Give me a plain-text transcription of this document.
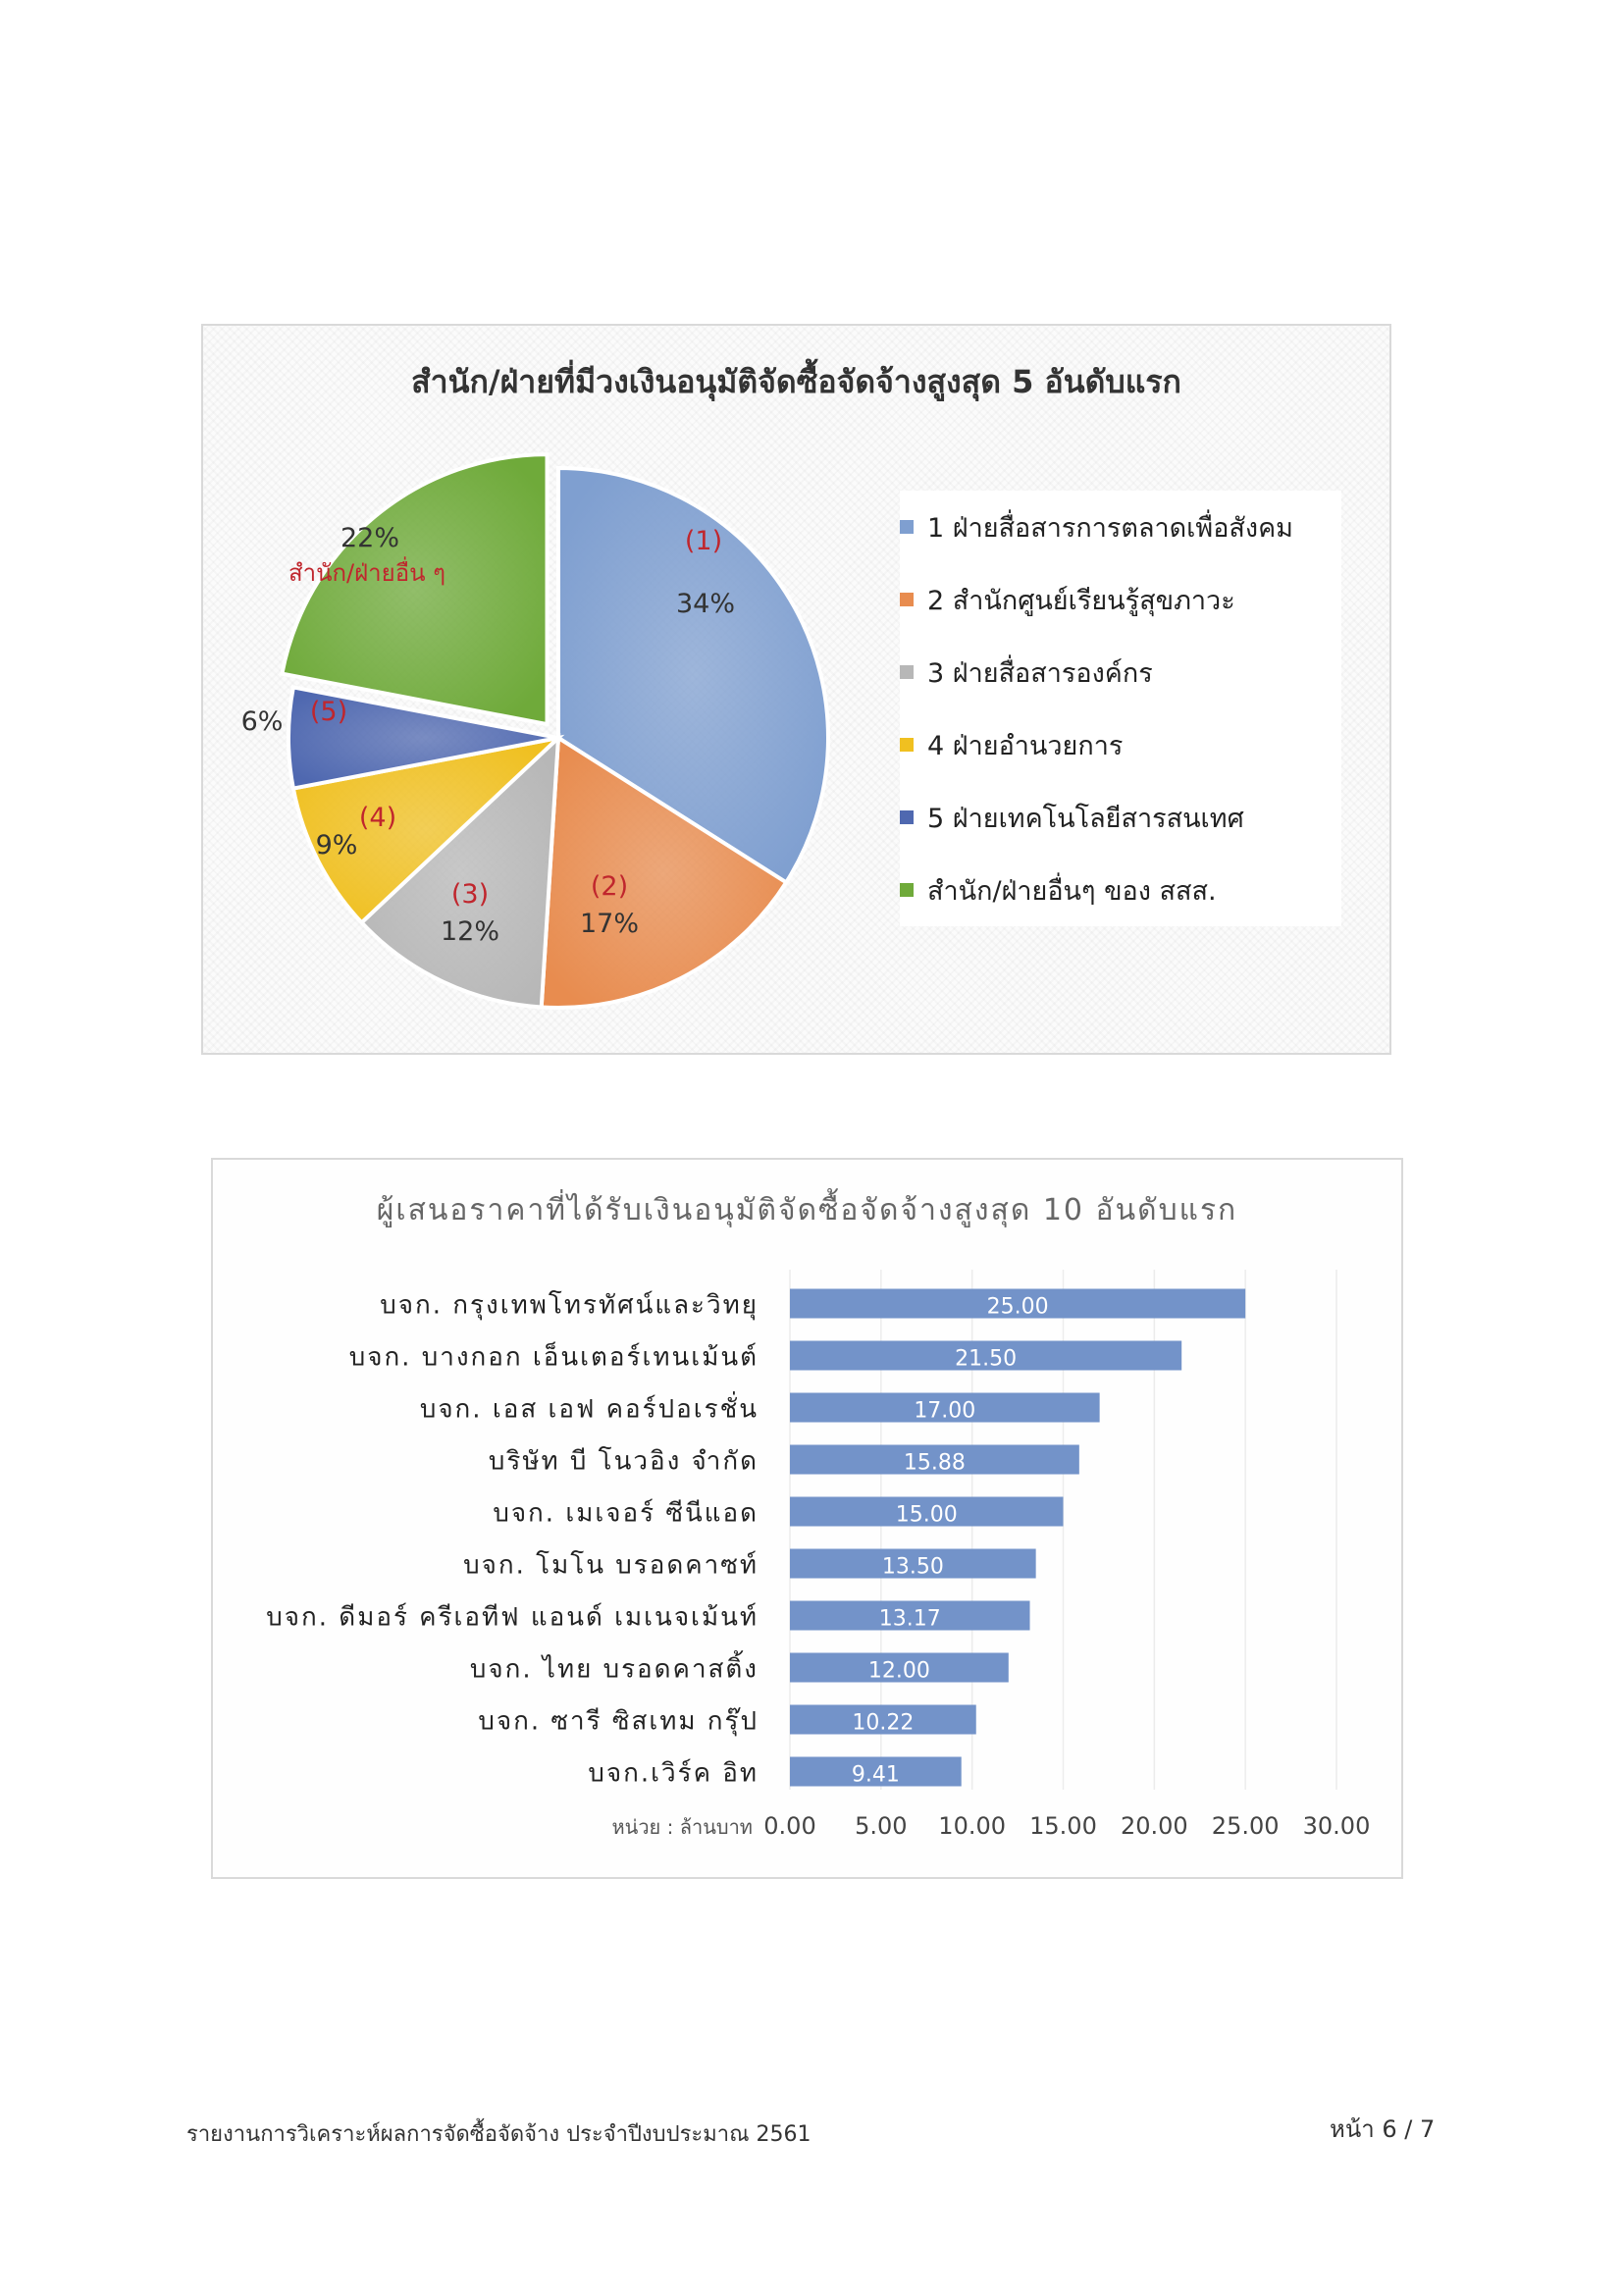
สำนัก/ฝ่ายที่มีวงเงินอนุมัติจัดซื้อจัดจ้างสูงสุด 5 อันดับแรก
(1)
34%
(2)
17%
(3)
12%
(4)
9%
(5)
6%
สำนัก/ฝ่ายอื่น ๆ
22%	1 ฝ่ายสื่อสารการตลาดเพื่อสังคม
2 สำนักศูนย์เรียนรู้สุขภาวะ
3 ฝ่ายสื่อสารองค์กร
4 ฝ่ายอำนวยการ
5 ฝ่ายเทคโนโลยีสารสนเทศ
สำนัก/ฝ่ายอื่นๆ ของ สสส.
ผู้เสนอราคาที่ได้รับเงินอนุมัติจัดซื้อจัดจ้างสูงสุด 10 อันดับแรก
บจก. กรุงเทพโทรทัศน์และวิทยุ	25.00
บจก. บางกอก เอ็นเตอร์เทนเม้นต์	21.50
บจก. เอส เอฟ คอร์ปอเรชั่น	17.00
บริษัท บี โนวอิง จำกัด	15.88
บจก. เมเจอร์ ซีนีแอด	15.00
บจก. โมโน บรอดคาซท์	13.50
บจก. ดีมอร์ ครีเอทีฟ แอนด์ เมเนจเม้นท์	13.17
บจก. ไทย บรอดคาสติ้ง	12.00
บจก. ซารี ซิสเทม กรุ๊ป	10.22
บจก.เวิร์ค อิท	9.41
0.00 5.00 10.00 15.00 20.00 25.00 30.00
หน่วย : ล้านบาท
รายงานการวิเคราะห์ผลการจัดซื้อจัดจ้าง ประจำปีงบประมาณ 2561	หน้า 6 / 7
